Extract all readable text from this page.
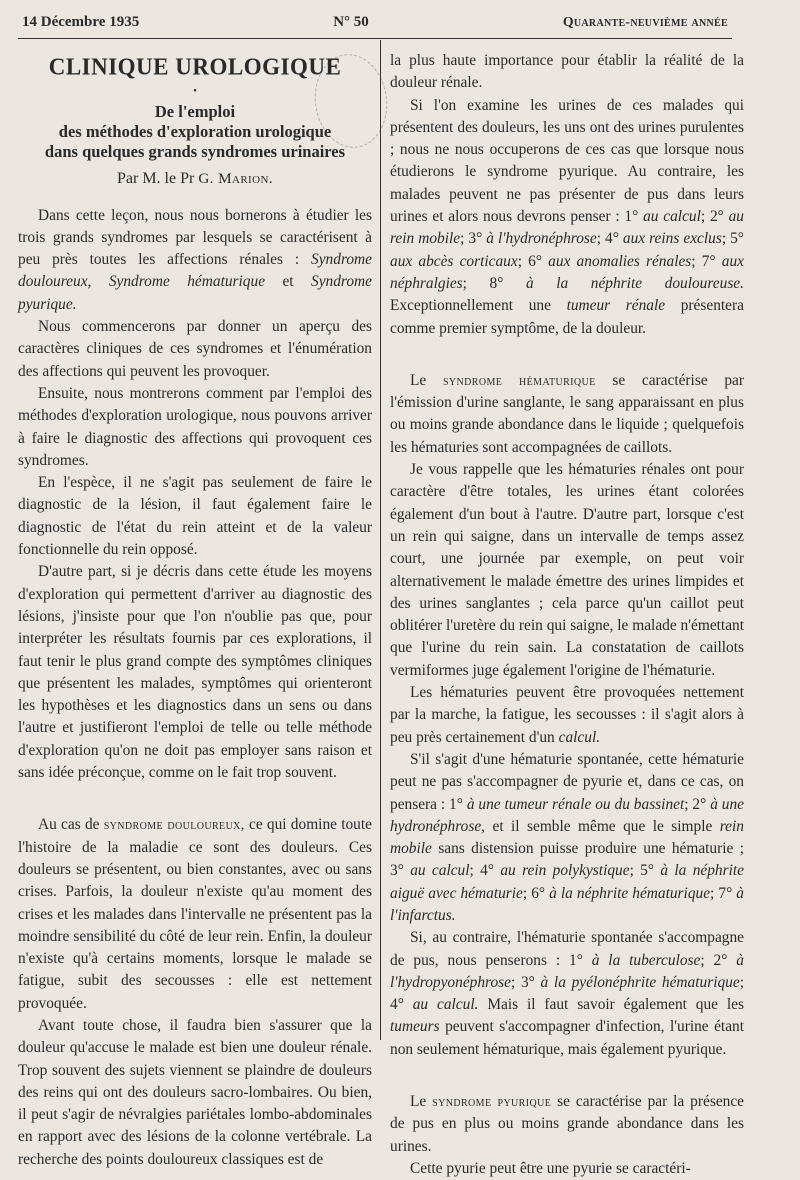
14 Décembre 1935	N° 50	Quarante-neuvième année
CLINIQUE UROLOGIQUE
•
De l'emploi
des méthodes d'exploration urologique
dans quelques grands syndromes urinaires
Par M. le Pr G. Marion.

Dans cette leçon, nous nous bornerons à étudier les trois grands syndromes par lesquels se caractérisent à peu près toutes les affections rénales : Syndrome douloureux, Syndrome hématurique et Syndrome pyurique.

Nous commencerons par donner un aperçu des caractères cliniques de ces syndromes et l'énumération des affections qui peuvent les provoquer.

Ensuite, nous montrerons comment par l'emploi des méthodes d'exploration urologique, nous pouvons arriver à faire le diagnostic des affections qui provoquent ces syndromes.

En l'espèce, il ne s'agit pas seulement de faire le diagnostic de la lésion, il faut également faire le diagnostic de l'état du rein atteint et de la valeur fonctionnelle du rein opposé.

D'autre part, si je décris dans cette étude les moyens d'exploration qui permettent d'arriver au diagnostic des lésions, j'insiste pour que l'on n'oublie pas que, pour interpréter les résultats fournis par ces explorations, il faut tenir le plus grand compte des symptômes cliniques que présentent les malades, symptômes qui orienteront les hypothèses et les diagnostics dans un sens ou dans l'autre et justifieront l'emploi de telle ou telle méthode d'exploration qu'on ne doit pas employer sans raison et sans idée préconçue, comme on le fait trop souvent.

Au cas de syndrome douloureux, ce qui domine toute l'histoire de la maladie ce sont des douleurs. Ces douleurs se présentent, ou bien constantes, avec ou sans crises. Parfois, la douleur n'existe qu'au moment des crises et les malades dans l'intervalle ne présentent pas la moindre sensibilité du côté de leur rein. Enfin, la douleur n'existe qu'à certains moments, lorsque le malade se fatigue, subit des secousses : elle est nettement provoquée.

Avant toute chose, il faudra bien s'assurer que la douleur qu'accuse le malade est bien une douleur rénale. Trop souvent des sujets viennent se plaindre de douleurs des reins qui ont des douleurs sacro-lombaires. Ou bien, il peut s'agir de névralgies pariétales lombo-abdominales en rapport avec des lésions de la colonne vertébrale. La recherche des points douloureux classiques est de

la plus haute importance pour établir la réalité de la douleur rénale.

Si l'on examine les urines de ces malades qui présentent des douleurs, les uns ont des urines purulentes ; nous ne nous occuperons de ces cas que lorsque nous étudierons le syndrome pyurique. Au contraire, les malades peuvent ne pas présenter de pus dans leurs urines et alors nous devrons penser : 1° au calcul; 2° au rein mobile; 3° à l'hydronéphrose; 4° aux reins exclus; 5° aux abcès corticaux; 6° aux anomalies rénales; 7° aux néphralgies; 8° à la néphrite douloureuse. Exceptionnellement une tumeur rénale présentera comme premier symptôme, de la douleur.

Le syndrome hématurique se caractérise par l'émission d'urine sanglante, le sang apparaissant en plus ou moins grande abondance dans le liquide ; quelquefois les hématuries sont accompagnées de caillots.

Je vous rappelle que les hématuries rénales ont pour caractère d'être totales, les urines étant colorées également d'un bout à l'autre. D'autre part, lorsque c'est un rein qui saigne, dans un intervalle de temps assez court, une journée par exemple, on peut voir alternativement le malade émettre des urines limpides et des urines sanglantes ; cela parce qu'un caillot peut oblitérer l'uretère du rein qui saigne, le malade n'émettant que l'urine du rein sain. La constatation de caillots vermiformes juge également l'origine de l'hématurie.

Les hématuries peuvent être provoquées nettement par la marche, la fatigue, les secousses : il s'agit alors à peu près certainement d'un calcul.

S'il s'agit d'une hématurie spontanée, cette hématurie peut ne pas s'accompagner de pyurie et, dans ce cas, on pensera : 1° à une tumeur rénale ou du bassinet; 2° à une hydronéphrose, et il semble même que le simple rein mobile sans distension puisse produire une hématurie ; 3° au calcul; 4° au rein polykystique; 5° à la néphrite aiguë avec hématurie; 6° à la néphrite hématurique; 7° à l'infarctus.

Si, au contraire, l'hématurie spontanée s'accompagne de pus, nous penserons : 1° à la tuberculose; 2° à l'hydropyonéphrose; 3° à la pyélonéphrite hématurique; 4° au calcul. Mais il faut savoir également que les tumeurs peuvent s'accompagner d'infection, l'urine étant non seulement hématurique, mais également pyurique.

Le syndrome pyurique se caractérise par la présence de pus en plus ou moins grande abondance dans les urines.

Cette pyurie peut être une pyurie se caractéri-
